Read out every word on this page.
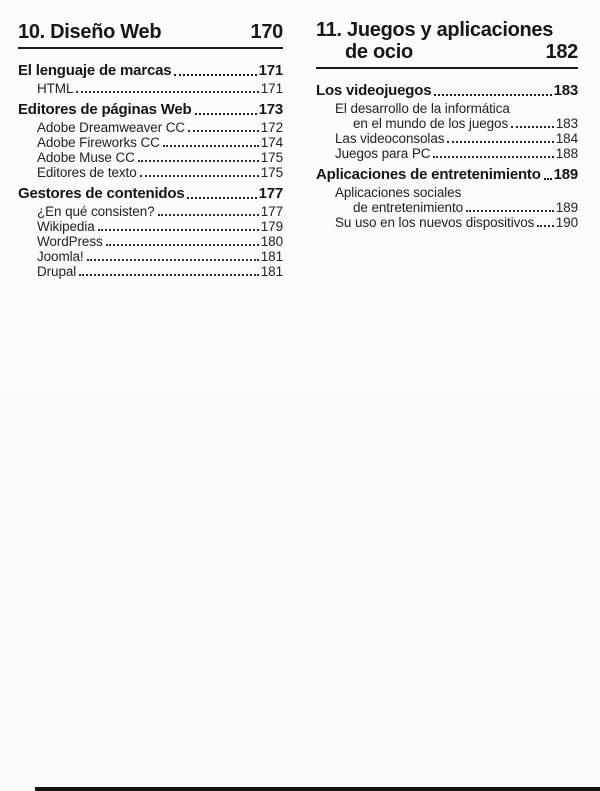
10. Diseño Web	170
El lenguaje de marcas	171
HTML	171
Editores de páginas Web	173
Adobe Dreamweaver CC	172
Adobe Fireworks CC	174
Adobe Muse CC	175
Editores de texto	175
Gestores de contenidos	177
¿En qué consisten?	177
Wikipedia	179
WordPress	180
Joomla!	181
Drupal	181
11. Juegos y aplicaciones
de ocio	182
Los videojuegos	183
El desarrollo de la informática
en el mundo de los juegos	183
Las videoconsolas	184
Juegos para PC	188
Aplicaciones de entretenimiento 189
Aplicaciones sociales
de entretenimiento	189
Su uso en los nuevos dispositivos 190
